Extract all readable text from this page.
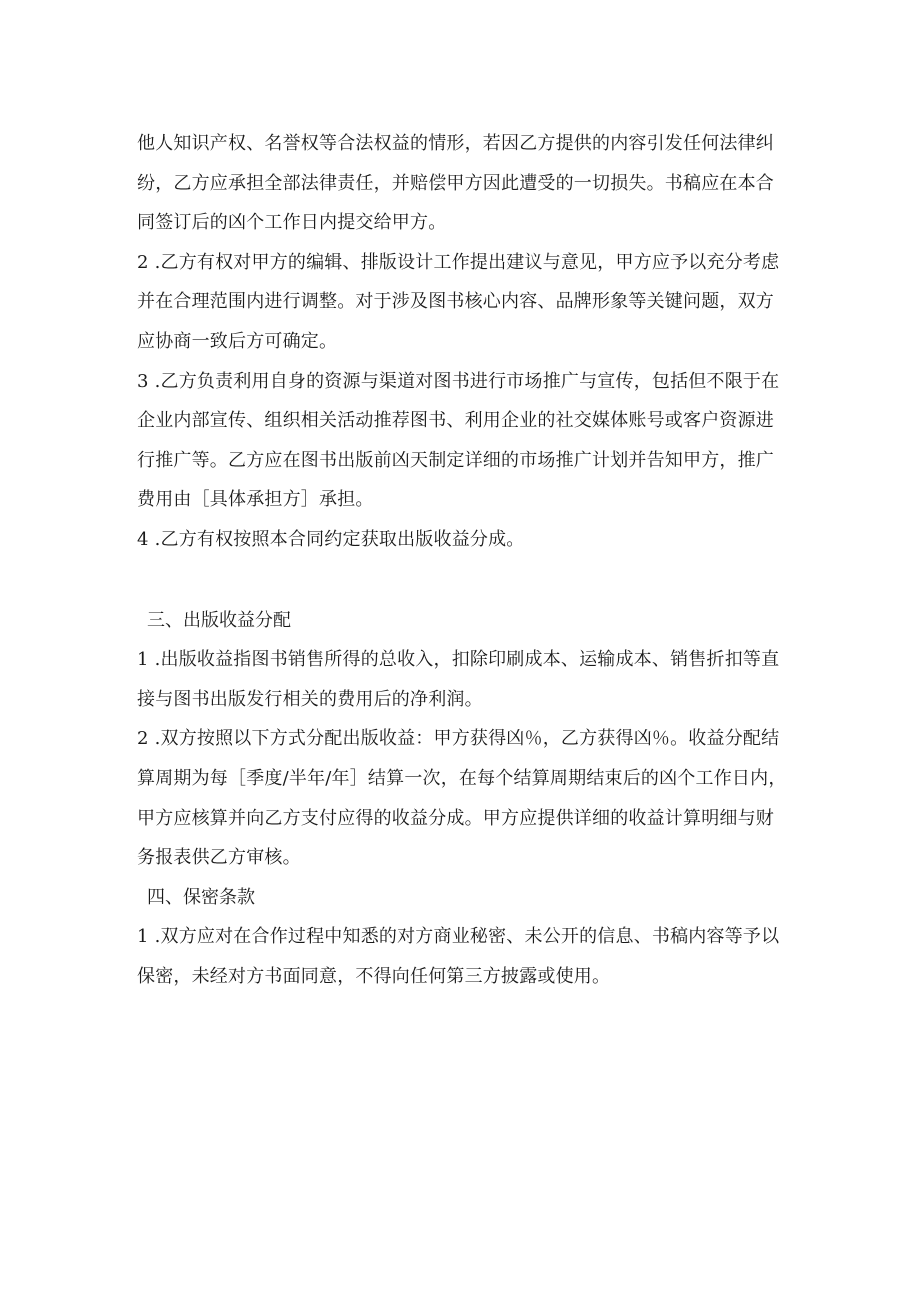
他人知识产权、名誉权等合法权益的情形，若因乙方提供的内容引发任何法律纠纷，乙方应承担全部法律责任，并赔偿甲方因此遭受的一切损失。书稿应在本合同签订后的凶个工作日内提交给甲方。

2 .乙方有权对甲方的编辑、排版设计工作提出建议与意见，甲方应予以充分考虑并在合理范围内进行调整。对于涉及图书核心内容、品牌形象等关键问题，双方应协商一致后方可确定。

3 .乙方负责利用自身的资源与渠道对图书进行市场推广与宣传，包括但不限于在企业内部宣传、组织相关活动推荐图书、利用企业的社交媒体账号或客户资源进行推广等。乙方应在图书出版前凶天制定详细的市场推广计划并告知甲方，推广费用由［具体承担方］承担。

4 .乙方有权按照本合同约定获取出版收益分成。

三、出版收益分配

1 .出版收益指图书销售所得的总收入，扣除印刷成本、运输成本、销售折扣等直接与图书出版发行相关的费用后的净利润。

2 .双方按照以下方式分配出版收益：甲方获得凶％，乙方获得凶％。收益分配结算周期为每［季度/半年/年］结算一次，在每个结算周期结束后的凶个工作日内，甲方应核算并向乙方支付应得的收益分成。甲方应提供详细的收益计算明细与财务报表供乙方审核。

四、保密条款

1 .双方应对在合作过程中知悉的对方商业秘密、未公开的信息、书稿内容等予以保密，未经对方书面同意，不得向任何第三方披露或使用。
